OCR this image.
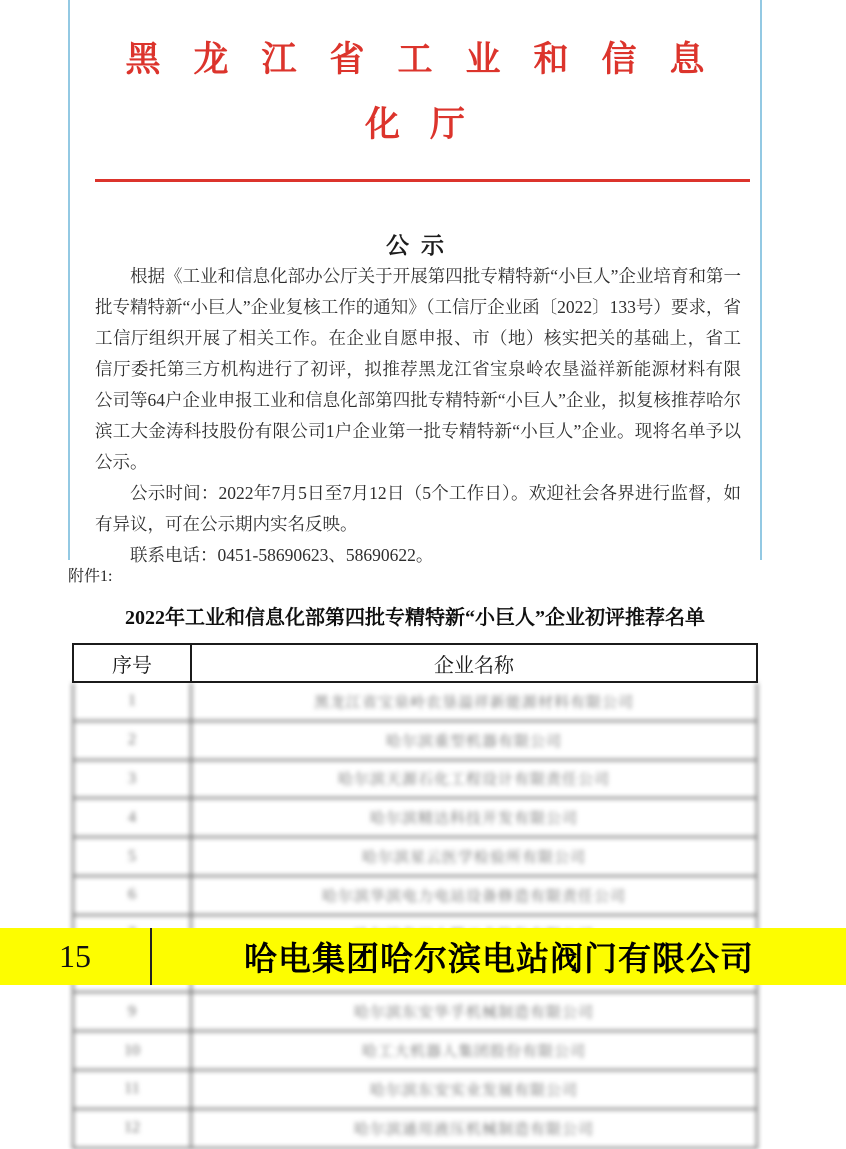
黑龙江省工业和信息
化厅
公示

根据《工业和信息化部办公厅关于开展第四批专精特新“小巨人”企业培育和第一批专精特新“小巨人”企业复核工作的通知》（工信厅企业函〔2022〕133号）要求，省工信厅组织开展了相关工作。在企业自愿申报、市（地）核实把关的基础上，省工信厅委托第三方机构进行了初评，拟推荐黑龙江省宝泉岭农垦溢祥新能源材料有限公司等64户企业申报工业和信息化部第四批专精特新“小巨人”企业，拟复核推荐哈尔滨工大金涛科技股份有限公司1户企业第一批专精特新“小巨人”企业。现将名单予以公示。

公示时间：2022年7月5日至7月12日（5个工作日）。欢迎社会各界进行监督，如有异议，可在公示期内实名反映。

联系电话：0451-58690623、58690622。

附件1:
2022年工业和信息化部第四批专精特新“小巨人”企业初评推荐名单
序号	企业名称
1	黑龙江省宝泉岭农垦溢祥新能源材料有限公司
2	哈尔滨重型机器有限公司
3	哈尔滨天源石化工程设计有限责任公司
4	哈尔滨精达科技开发有限公司
5	哈尔滨星云医学检验所有限公司
6	哈尔滨华滨电力电站设备修造有限责任公司
9	哈尔滨东安华孚机械制造有限公司
10	哈工大机器人集团股份有限公司
11	哈尔滨东安实业发展有限公司
12	哈尔滨通用液压机械制造有限公司
15	哈电集团哈尔滨电站阀门有限公司
